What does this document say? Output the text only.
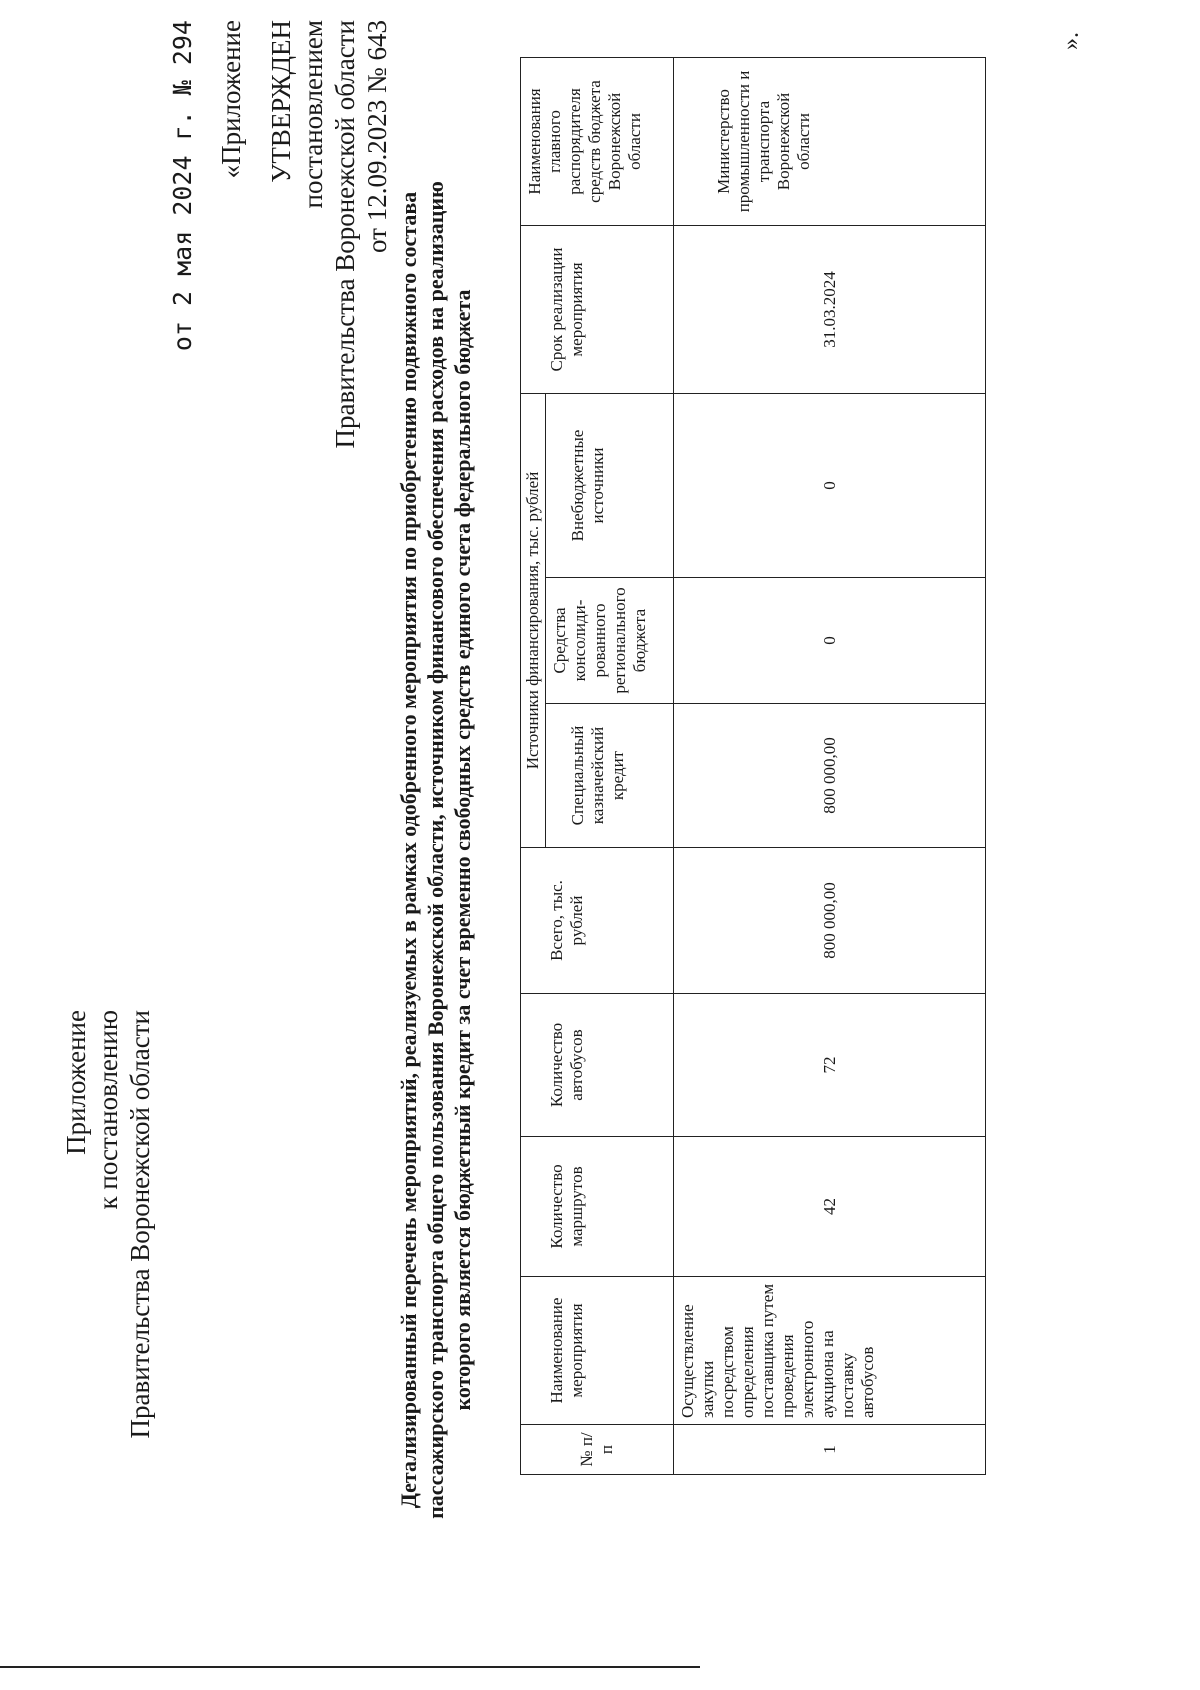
Приложение к постановлению Правительства Воронежской области
от 2 мая 2024 г. № 294 «Приложение УТВЕРЖДЕН постановлением Правительства Воронежской области от 12.09.2023 № 643
Детализированный перечень мероприятий, реализуемых в рамках одобренного мероприятия по приобретению подвижного состава пассажирского транспорта общего пользования Воронежской области, источником финансового обеспечения расходов на реализацию которого является бюджетный кредит за счет временно свободных средств единого счета федерального бюджета
№ п/п	Наименование мероприятия	Количество маршрутов	Количество автобусов	Всего, тыс. рублей	Источники финансирования, тыс. рублей			Срок реализации мероприятия	Наименования главного распорядителя средств бюджета Воронежской области
					Специальный казначейский кредит	Средства консолиди-рованного регионального бюджета	Внебюджетные источники		
1	Осуществление закупки посредством определения поставщика путем проведения электронного аукциона на поставку автобусов	42	72	800 000,00	800 000,00	0	0	31.03.2024	Министерство промышленности и транспорта Воронежской области
».
